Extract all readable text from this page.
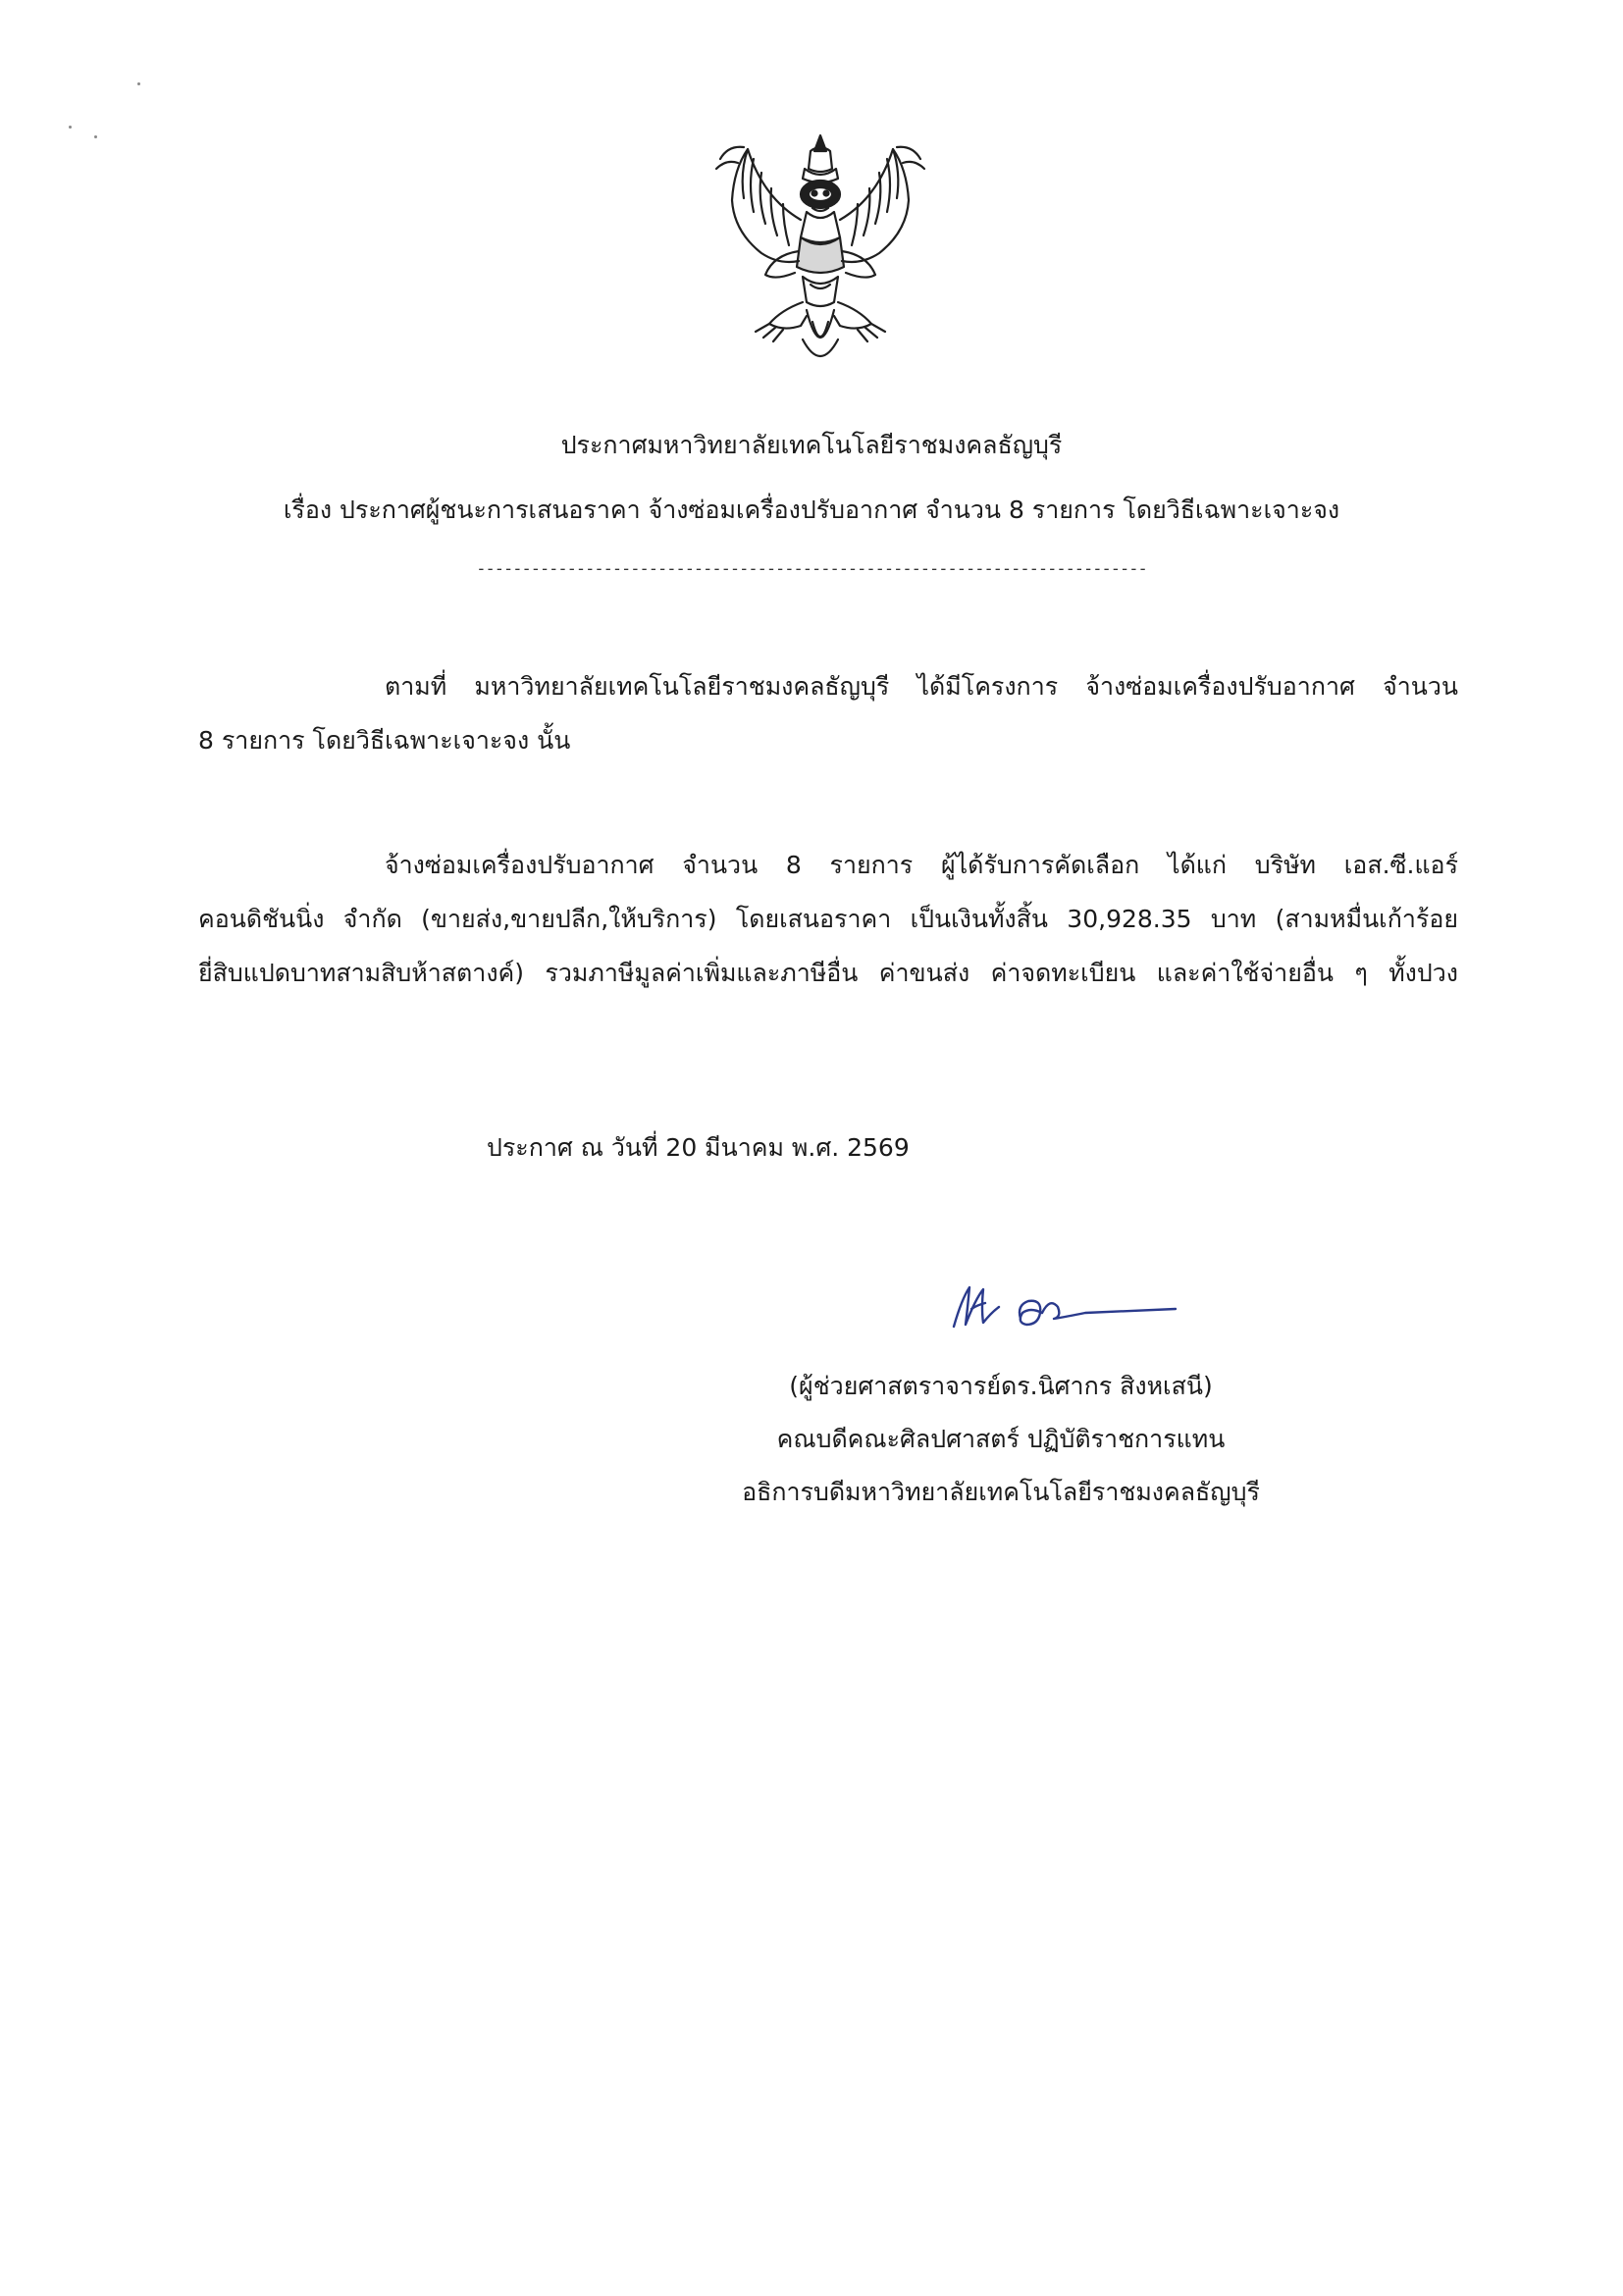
ประกาศมหาวิทยาลัยเทคโนโลยีราชมงคลธัญบุรี
เรื่อง ประกาศผู้ชนะการเสนอราคา จ้างซ่อมเครื่องปรับอากาศ จำนวน 8 รายการ โดยวิธีเฉพาะเจาะจง
--------------------------------------------------------------------------
ตามที่ มหาวิทยาลัยเทคโนโลยีราชมงคลธัญบุรี ได้มีโครงการ จ้างซ่อมเครื่องปรับอากาศ จำนวน
8 รายการ โดยวิธีเฉพาะเจาะจง นั้น
จ้างซ่อมเครื่องปรับอากาศ จำนวน 8 รายการ ผู้ได้รับการคัดเลือก ได้แก่ บริษัท เอส.ซี.แอร์
คอนดิชันนิ่ง จำกัด (ขายส่ง,ขายปลีก,ให้บริการ) โดยเสนอราคา เป็นเงินทั้งสิ้น 30,928.35 บาท (สามหมื่นเก้าร้อย
ยี่สิบแปดบาทสามสิบห้าสตางค์) รวมภาษีมูลค่าเพิ่มและภาษีอื่น ค่าขนส่ง ค่าจดทะเบียน และค่าใช้จ่ายอื่น ๆ ทั้งปวง
ประกาศ ณ วันที่ 20 มีนาคม พ.ศ. 2569
(ผู้ช่วยศาสตราจารย์ดร.นิศากร สิงหเสนี)
คณบดีคณะศิลปศาสตร์ ปฏิบัติราชการแทน
อธิการบดีมหาวิทยาลัยเทคโนโลยีราชมงคลธัญบุรี
